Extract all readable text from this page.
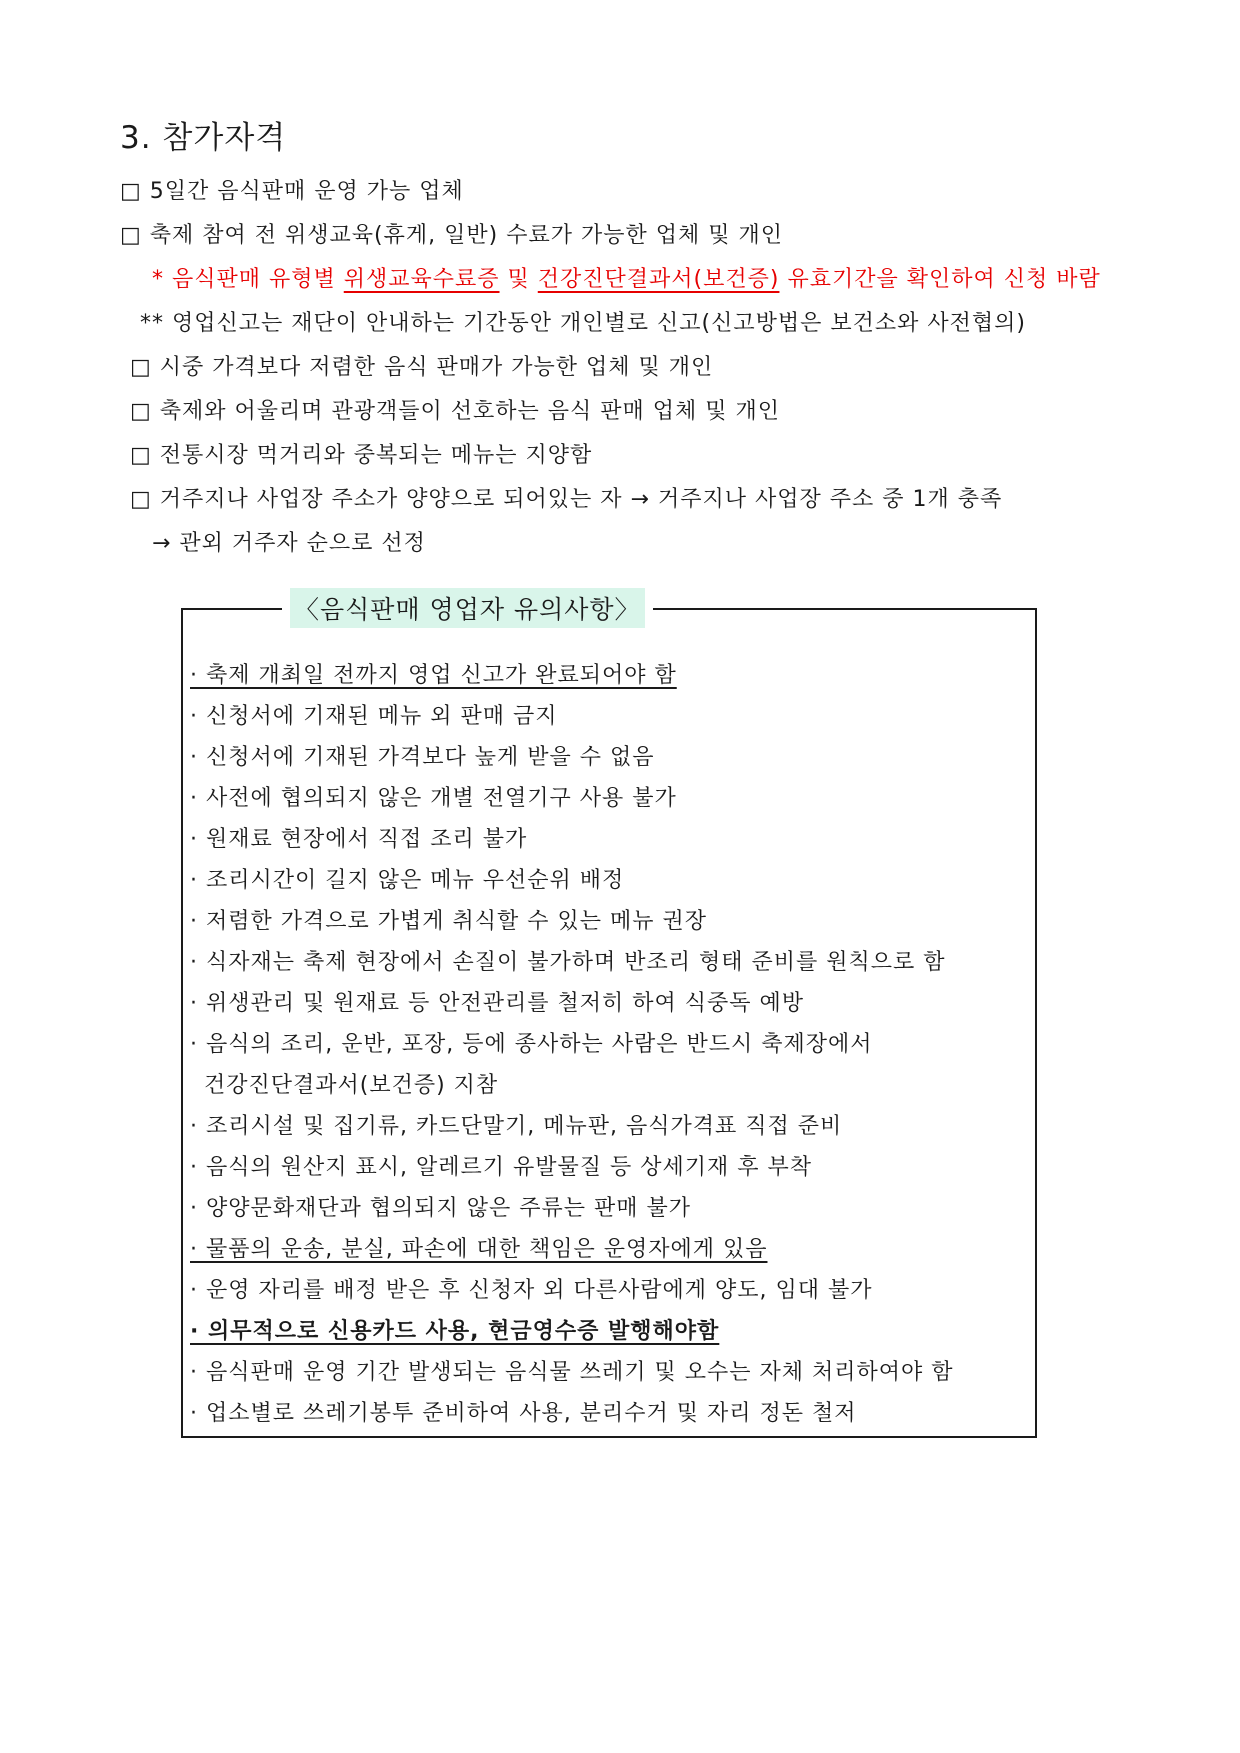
3. 참가자격
□ 5일간 음식판매 운영 가능 업체
□ 축제 참여 전 위생교육(휴게, 일반) 수료가 가능한 업체 및 개인
* 음식판매 유형별 위생교육수료증 및 건강진단결과서(보건증) 유효기간을 확인하여 신청 바람
** 영업신고는 재단이 안내하는 기간동안 개인별로 신고(신고방법은 보건소와 사전협의)
□ 시중 가격보다 저렴한 음식 판매가 가능한 업체 및 개인
□ 축제와 어울리며 관광객들이 선호하는 음식 판매 업체 및 개인
□ 전통시장 먹거리와 중복되는 메뉴는 지양함
□ 거주지나 사업장 주소가 양양으로 되어있는 자 → 거주지나 사업장 주소 중 1개 충족
→ 관외 거주자 순으로 선정
〈음식판매 영업자 유의사항〉
· 축제 개최일 전까지 영업 신고가 완료되어야 함
· 신청서에 기재된 메뉴 외 판매 금지
· 신청서에 기재된 가격보다 높게 받을 수 없음
· 사전에 협의되지 않은 개별 전열기구 사용 불가
· 원재료 현장에서 직접 조리 불가
· 조리시간이 길지 않은 메뉴 우선순위 배정
· 저렴한 가격으로 가볍게 취식할 수 있는 메뉴 권장
· 식자재는 축제 현장에서 손질이 불가하며 반조리 형태 준비를 원칙으로 함
· 위생관리 및 원재료 등 안전관리를 철저히 하여 식중독 예방
· 음식의 조리, 운반, 포장, 등에 종사하는 사람은 반드시 축제장에서
건강진단결과서(보건증) 지참
· 조리시설 및 집기류, 카드단말기, 메뉴판, 음식가격표 직접 준비
· 음식의 원산지 표시, 알레르기 유발물질 등 상세기재 후 부착
· 양양문화재단과 협의되지 않은 주류는 판매 불가
· 물품의 운송, 분실, 파손에 대한 책임은 운영자에게 있음
· 운영 자리를 배정 받은 후 신청자 외 다른사람에게 양도, 임대 불가
· 의무적으로 신용카드 사용, 현금영수증 발행해야함
· 음식판매 운영 기간 발생되는 음식물 쓰레기 및 오수는 자체 처리하여야 함
· 업소별로 쓰레기봉투 준비하여 사용, 분리수거 및 자리 정돈 철저
